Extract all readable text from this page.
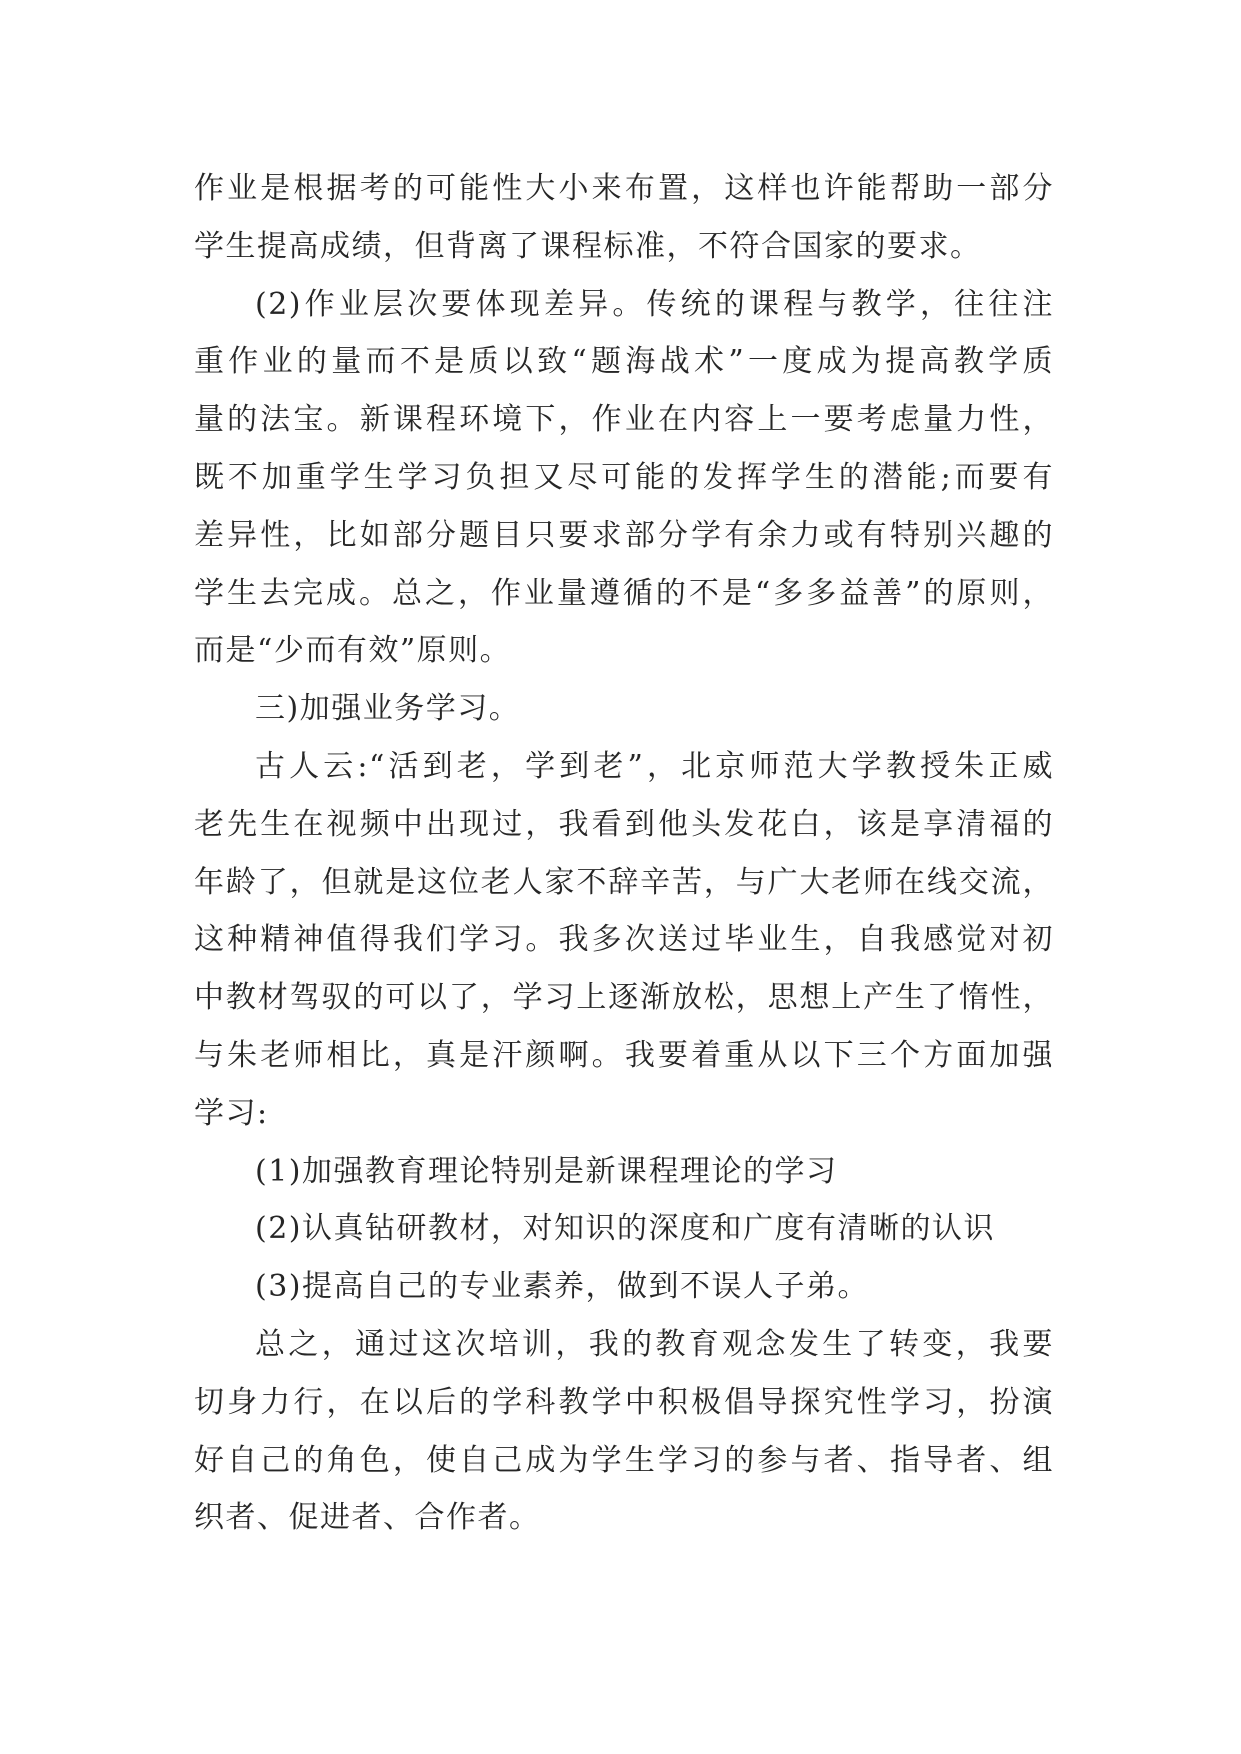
作业是根据考的可能性大小来布置，这样也许能帮助一部分
学生提高成绩，但背离了课程标准，不符合国家的要求。
(2)作业层次要体现差异。传统的课程与教学，往往注
重作业的量而不是质以致“题海战术”一度成为提高教学质
量的法宝。新课程环境下，作业在内容上一要考虑量力性，
既不加重学生学习负担又尽可能的发挥学生的潜能;而要有
差异性，比如部分题目只要求部分学有余力或有特别兴趣的
学生去完成。总之，作业量遵循的不是“多多益善”的原则，
而是“少而有效”原则。
三)加强业务学习。
古人云:“活到老，学到老”，北京师范大学教授朱正威
老先生在视频中出现过，我看到他头发花白，该是享清福的
年龄了，但就是这位老人家不辞辛苦，与广大老师在线交流，
这种精神值得我们学习。我多次送过毕业生，自我感觉对初
中教材驾驭的可以了，学习上逐渐放松，思想上产生了惰性，
与朱老师相比，真是汗颜啊。我要着重从以下三个方面加强
学习:
(1)加强教育理论特别是新课程理论的学习
(2)认真钻研教材，对知识的深度和广度有清晰的认识
(3)提高自己的专业素养，做到不误人子弟。
总之，通过这次培训，我的教育观念发生了转变，我要
切身力行，在以后的学科教学中积极倡导探究性学习，扮演
好自己的角色，使自己成为学生学习的参与者、指导者、组
织者、促进者、合作者。
